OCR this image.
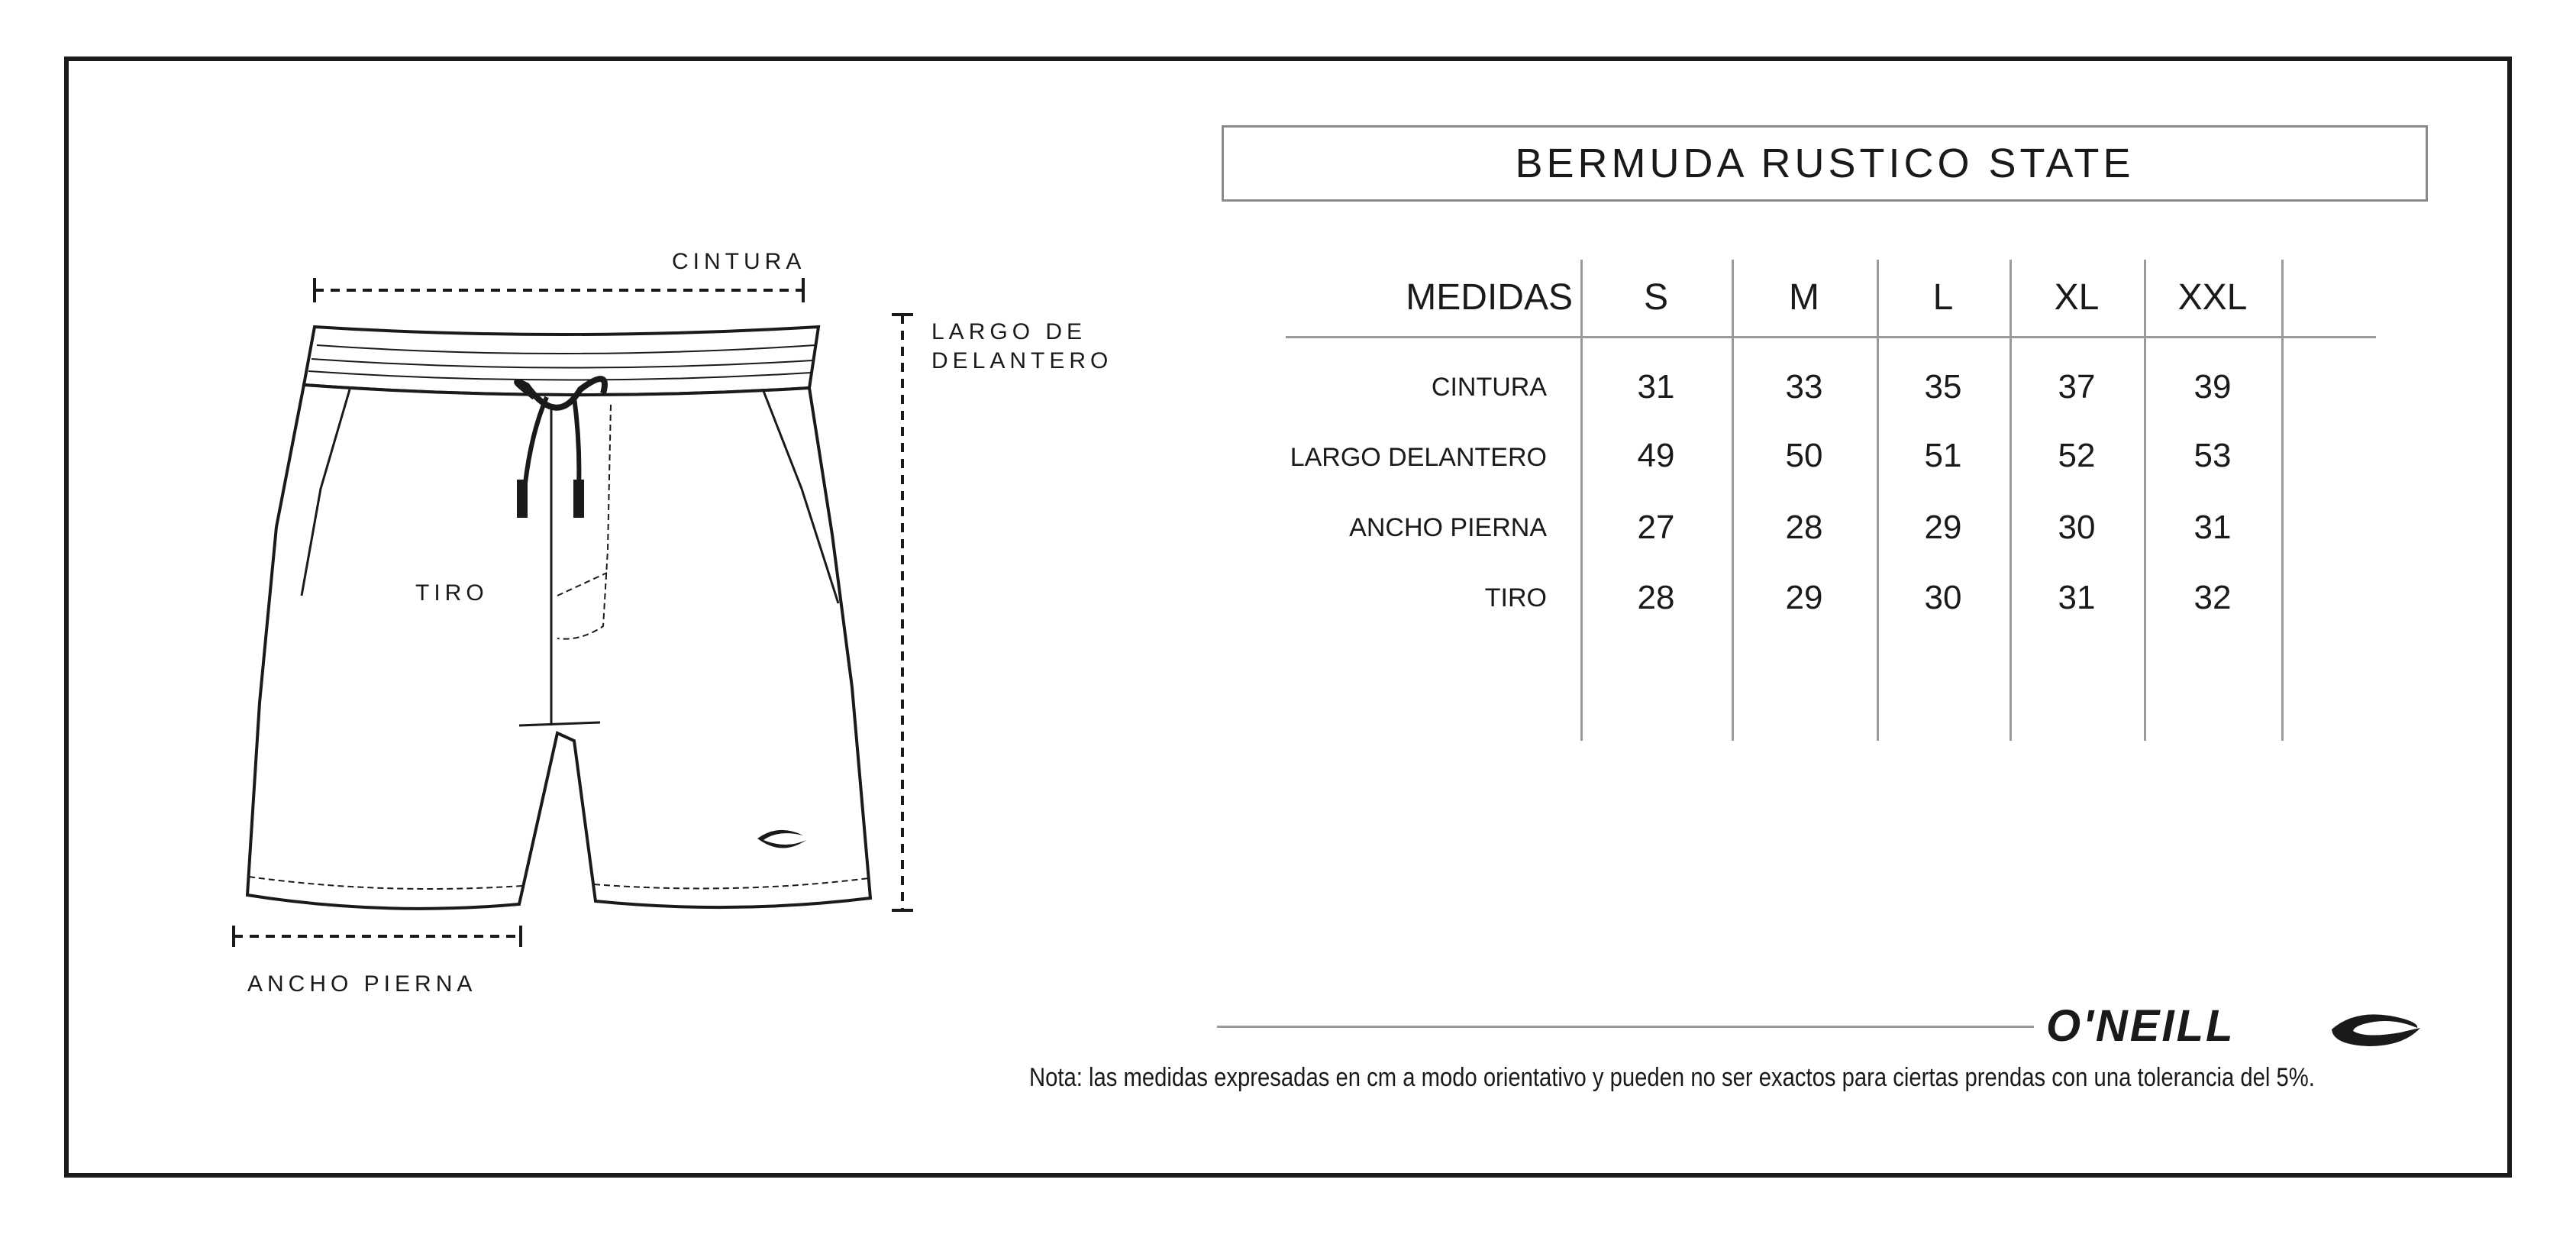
BERMUDA RUSTICO STATE
CINTURA
LARGO DE
DELANTERO
TIRO
ANCHO PIERNA
MEDIDAS	S	M	L	XL	XXL
CINTURA	31	33	35	37	39
LARGO DELANTERO	49	50	51	52	53
ANCHO PIERNA	27	28	29	30	31
TIRO	28	29	30	31	32
O'NEILL
Nota: las medidas expresadas en cm a modo orientativo y pueden no ser exactos para ciertas prendas con una tolerancia del 5%.
